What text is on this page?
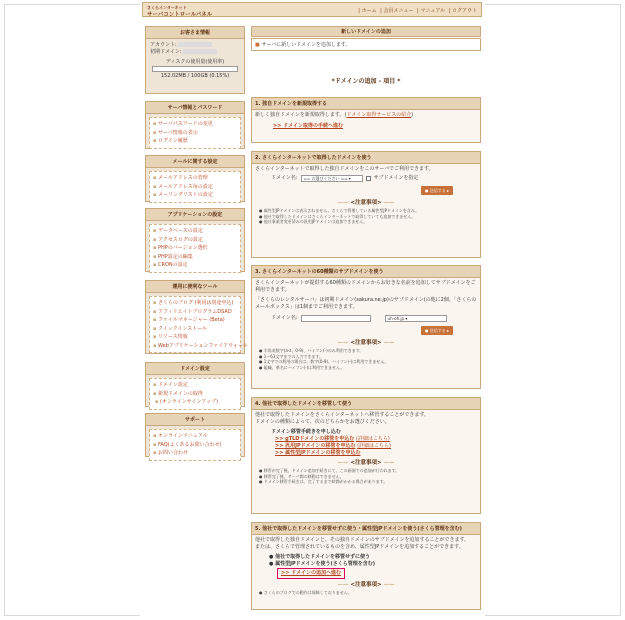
さくらインターネット
サーバコントロールパネル
| ホーム | 会員メニュー | マニュアル | ログアウト
お客さま情報
アカウント:
初期ドメイン:
ディスクの使用量(使用率)
152.02MB / 100GB (0.15%)
サーバ情報とパスワード
▪ サーバパスワードの変更
▪ サーバ情報の表示
▪ ログイン履歴
メールに関する設定
▪ メールアドレスの管理
▪ メールアドレス毎の設定
▪ メーリングリストの設定
アプリケーションの設定
▪ データベースの設定
▪ アクセスログの設定
▪ PHPのバージョン選択
▪ PHP設定の編集
▪ CRONの設定
運用に便利なツール
▪ さくらのブログ (利用は別途申込)
▪ アフィリエイトプログラムDSAD
▪ ファイルマネージャー (Beta)
▪ クイックインストール
▪ リソース情報
▪ Webアプリケーションファイアウォール
ドメイン設定
▪ ドメイン設定
▪ 新規ドメインの取得
▪ (オンラインサインアップ)
サポート
▪ オンラインマニュアル
▪ FAQ(よくあるお問い合わせ)
▪ お問い合わせ
新しいドメインの追加
■ サーバに新しいドメインを追加します。
*ドメインの追加 - 項目 *
1. 独自ドメインを新規取得する
新しく独自ドメインを新規取得します。(ドメイン取得サービスの紹介)
>> ドメイン取得の手続へ進む
2. さくらインターネットで取得したドメインを使う
さくらインターネットで取得した独自ドメインをこのサーバでご利用できます。
ドメイン名:	== お選びください == ▾	サブドメインを指定
● 送信する ▸
—— <注意事項> ——
● 属性型JPドメインは表示されません。さくらで管理している属性型JPドメインを含み、
● 他社で取得したドメインはさくらインターネットで取得していても追加できません。
● 他社事業者変更済みの汎用JPドメインは追加できません。
3. さくらインターネットの60種類のサブドメインを使う
さくらインターネットが提供する60種類のドメインからお好きな名前を追加してサブドメインをご利用できます。
「さくらのレンタルサーバ」は初期ドメイン(sakura.ne.jp)のサブドメイン(の他に2個、「さくらのメールボックス」は1個までご利用できます。
ドメイン名:	uh-oh.jp ▾
● 送信する ▸
—— <注意事項> ——
● 半角英数字(a-z、0-9)、ハイフン(-)のみ利用できます。
● 1〜63文字までの入力できます。
● 1文字での利用の場合は、数字(0-9)、ハイフン(-)は利用できません。
● 組織、県名にハイフン(-)は利用できません。
4. 他社で取得したドメインを移管して使う
他社で取得したドメインをさくらインターネットへ移管することができます。
ドメインの種類によって、次のどちらかをお選びください。
ドメイン移管手続きを申し込む
>> gTLDドメインの移管を申込む (詳細はこちら)
>> 汎用JPドメインの移管を申込む (詳細はこちら)
>> 属性型JPドメインの移管を申込む
—— <注意事項> ——
● 移管が完了後、ドメイン追加手続きにて、この画面での追加が行われます。
● 移管完了後、サーバ間の移動はできません。
● ドメイン移管手続きは、完了するまで時間がかかる場合があります。
5. 他社で取得したドメインを移管せずに使う・属性型JPドメインを使う(さくら管理を含む)
他社で取得した独自ドメインと、その独自ドメインのサブドメインを追加することができます。
または、さくらで管理されているものを含め、属性型JPドメインを追加することができます。
● 他社で取得したドメインを移管せずに使う
● 属性型JPドメインを使う(さくら管理を含む)
>> ドメインの追加へ進む
—— <注意事項> ——
● さくらのブログでの動作は保障しておりません。
